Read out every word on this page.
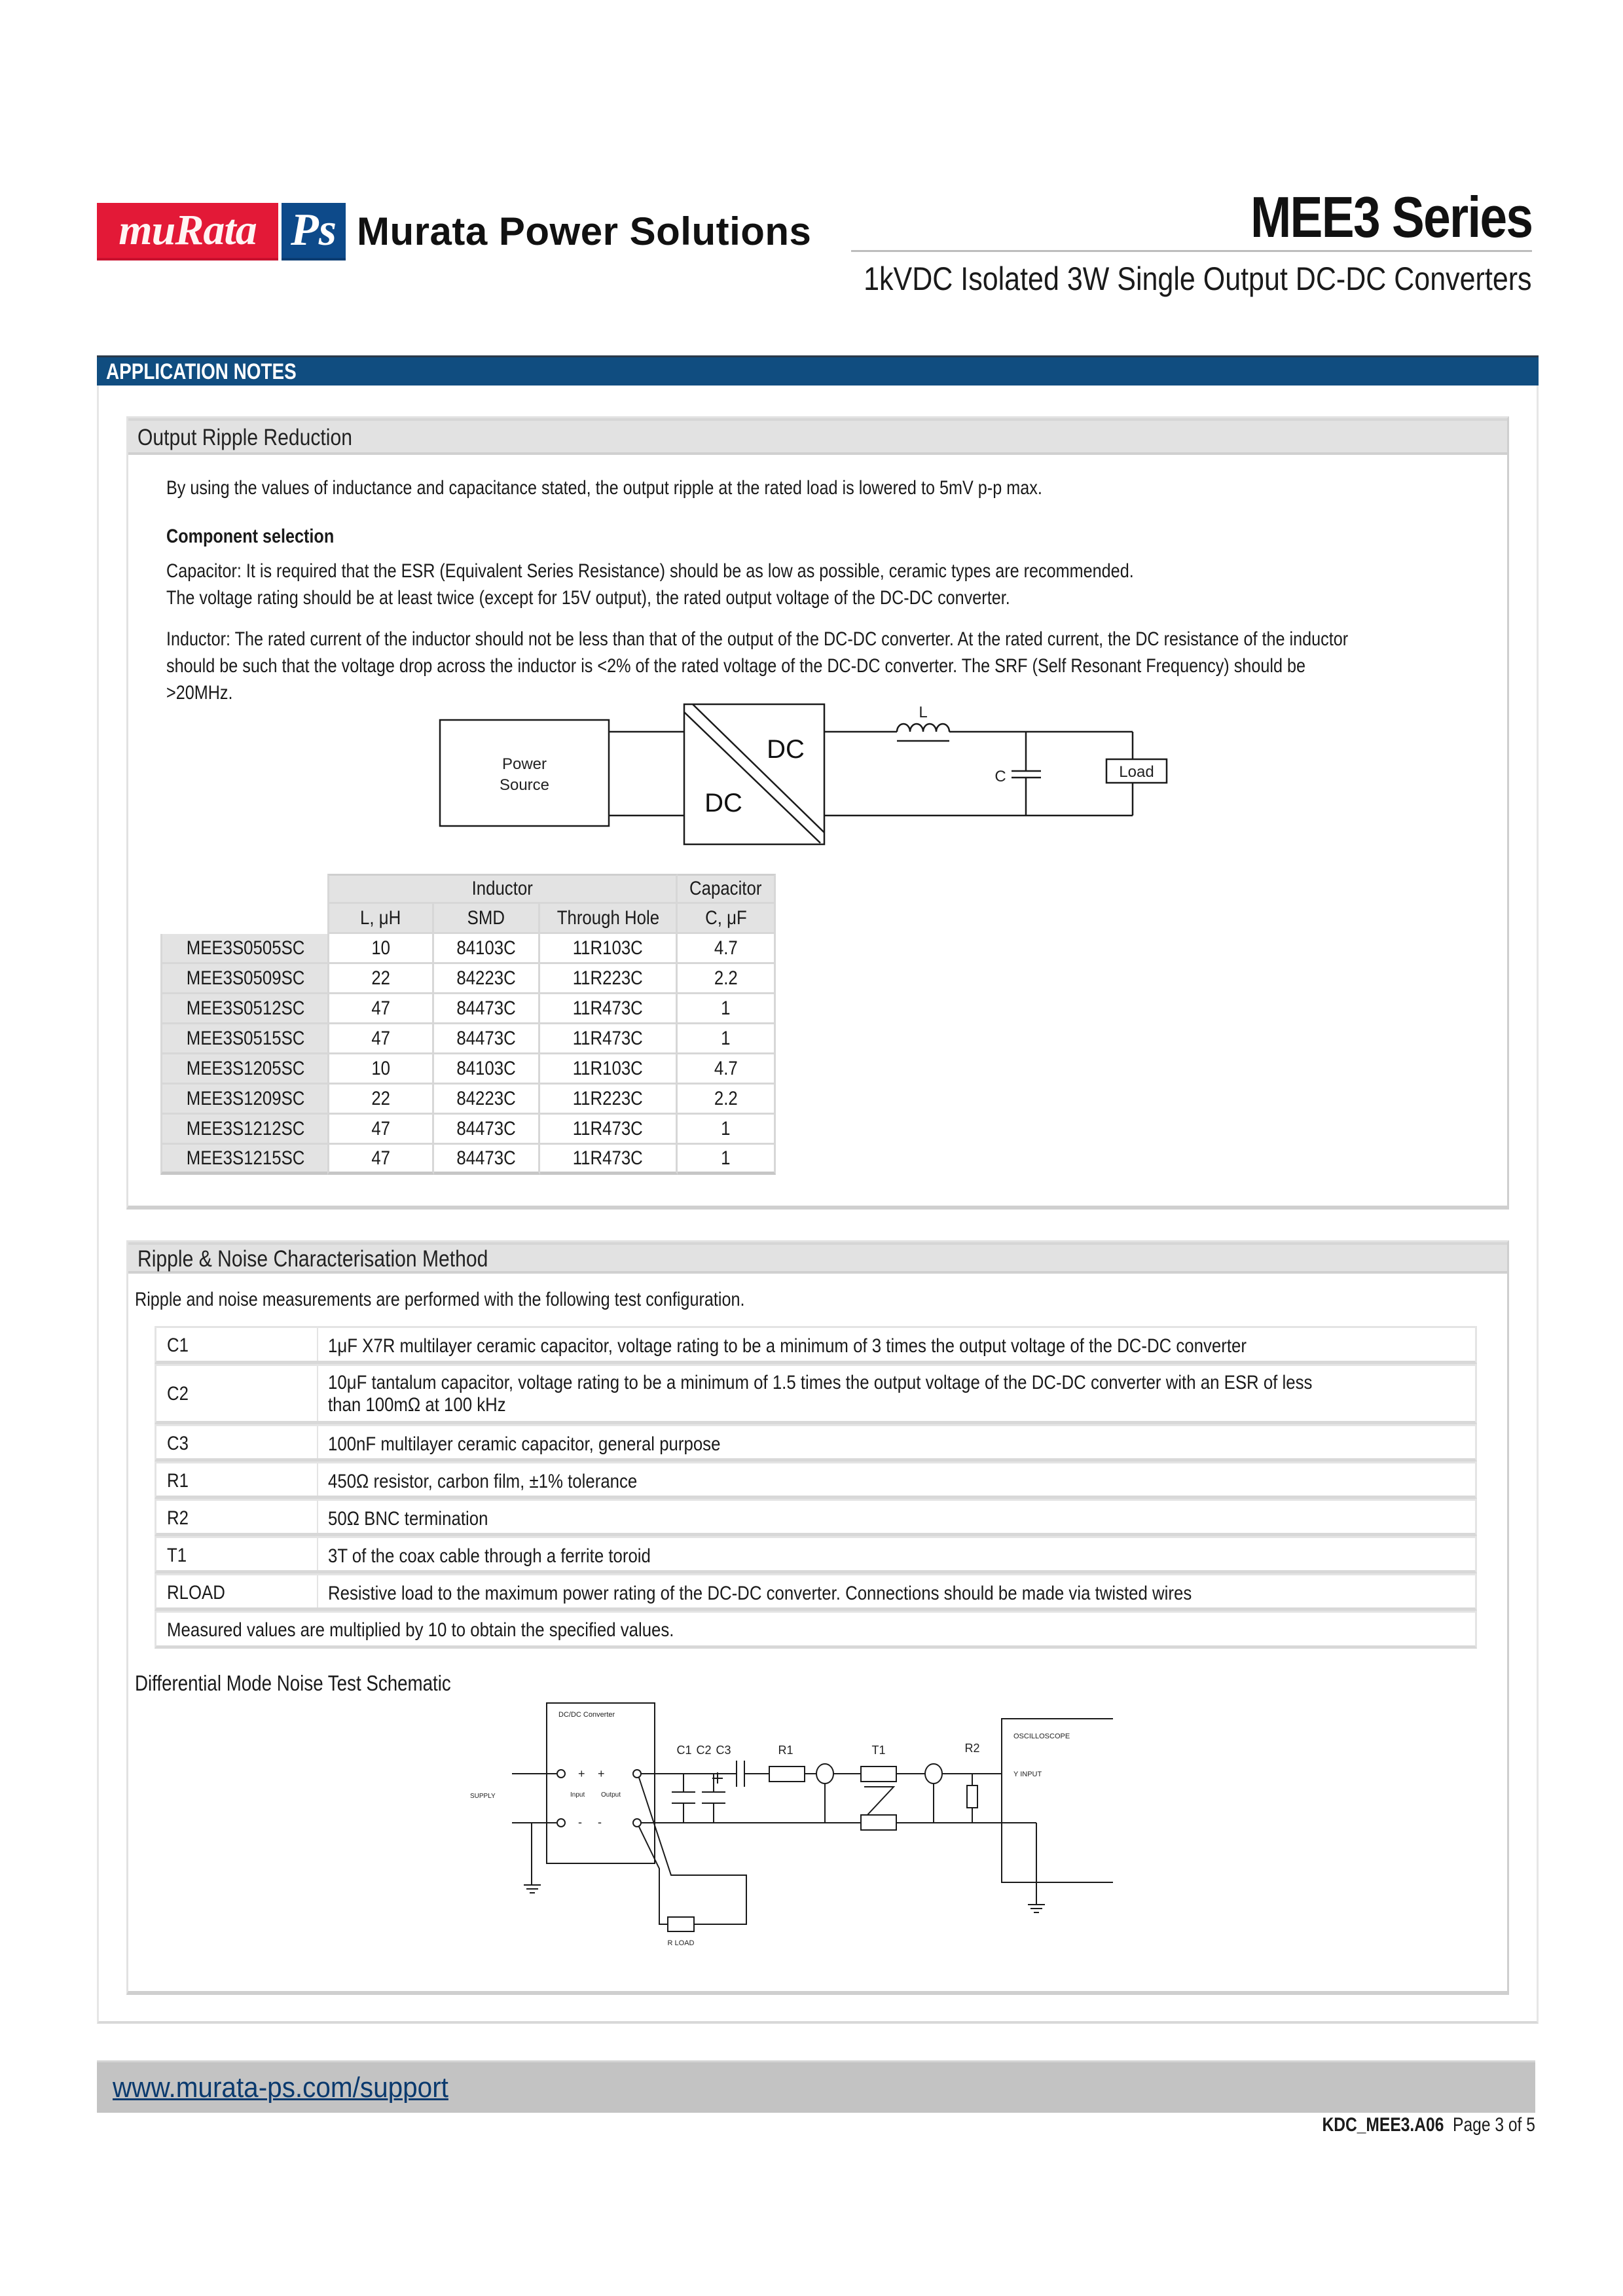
muRata Ps Murata Power Solutions	MEE3 Series
1kVDC Isolated 3W Single Output DC-DC Converters
APPLICATION NOTES
Output Ripple Reduction
By using the values of inductance and capacitance stated, the output ripple at the rated load is lowered to 5mV p-p max.
Component selection
Capacitor: It is required that the ESR (Equivalent Series Resistance) should be as low as possible, ceramic types are recommended.
The voltage rating should be at least twice (except for 15V output), the rated output voltage of the DC-DC converter.
Inductor: The rated current of the inductor should not be less than that of the output of the DC-DC converter. At the rated current, the DC resistance of the inductor
should be such that the voltage drop across the inductor is <2% of the rated voltage of the DC-DC converter. The SRF (Self Resonant Frequency) should be
>20MHz.
Power
Source
DC
DC
L
C	Load
	Inductor			Capacitor
	L, μH	SMD	Through Hole	C, μF
MEE3S0505SC	10	84103C	11R103C	4.7
MEE3S0509SC	22	84223C	11R223C	2.2
MEE3S0512SC	47	84473C	11R473C	1
MEE3S0515SC	47	84473C	11R473C	1
MEE3S1205SC	10	84103C	11R103C	4.7
MEE3S1209SC	22	84223C	11R223C	2.2
MEE3S1212SC	47	84473C	11R473C	1
MEE3S1215SC	47	84473C	11R473C	1
Ripple & Noise Characterisation Method
Ripple and noise measurements are performed with the following test configuration.
C1	1μF X7R multilayer ceramic capacitor, voltage rating to be a minimum of 3 times the output voltage of the DC-DC converter
C2
10μF tantalum capacitor, voltage rating to be a minimum of 1.5 times the output voltage of the DC-DC converter with an ESR of less
than 100mΩ at 100 kHz
C3	100nF multilayer ceramic capacitor, general purpose
R1	450Ω resistor, carbon film, ±1% tolerance
R2	50Ω BNC termination
T1	3T of the coax cable through a ferrite toroid
RLOAD	Resistive load to the maximum power rating of the DC-DC converter. Connections should be made via twisted wires
Measured values are multiplied by 10 to obtain the specified values.
Differential Mode Noise Test Schematic
DC/DC Converter
SUPPLY	Input Output
+ +
- -
C1 C2 C3	R1	T1	R2
OSCILLOSCOPE
Y INPUT
R LOAD
www.murata-ps.com/support
KDC_MEE3.A06 Page 3 of 5
